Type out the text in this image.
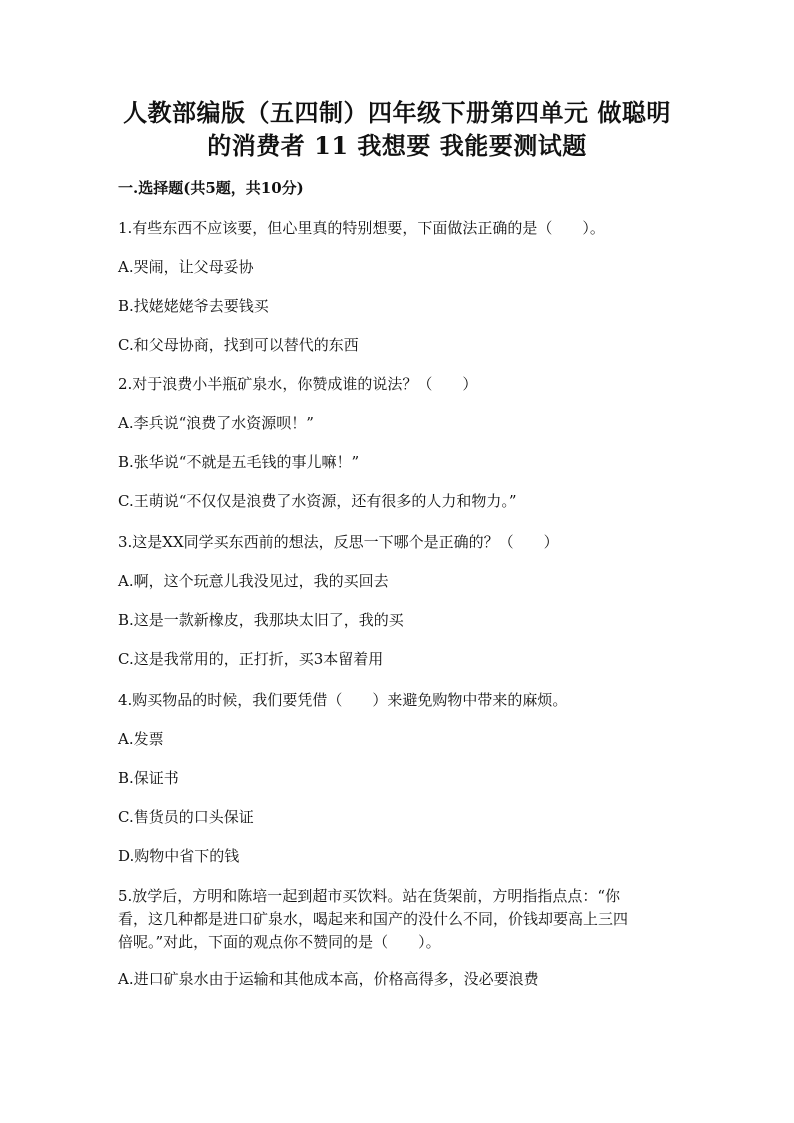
人教部编版（五四制）四年级下册第四单元 做聪明
的消费者 11 我想要 我能要测试题
一.选择题(共5题，共10分)
1.有些东西不应该要，但心里真的特别想要，下面做法正确的是（　　）。
A.哭闹，让父母妥协
B.找姥姥姥爷去要钱买
C.和父母协商，找到可以替代的东西
2.对于浪费小半瓶矿泉水，你赞成谁的说法？（　　）
A.李兵说“浪费了水资源呗！”
B.张华说“不就是五毛钱的事儿嘛！”
C.王萌说“不仅仅是浪费了水资源，还有很多的人力和物力。”
3.这是XX同学买东西前的想法，反思一下哪个是正确的？（　　）
A.啊，这个玩意儿我没见过，我的买回去
B.这是一款新橡皮，我那块太旧了，我的买
C.这是我常用的，正打折，买3本留着用
4.购买物品的时候，我们要凭借（　　）来避免购物中带来的麻烦。
A.发票
B.保证书
C.售货员的口头保证
D.购物中省下的钱
5.放学后，方明和陈培一起到超市买饮料。站在货架前，方明指指点点：“你
看，这几种都是进口矿泉水，喝起来和国产的没什么不同，价钱却要高上三四
倍呢。”对此，下面的观点你不赞同的是（　　）。
A.进口矿泉水由于运输和其他成本高，价格高得多，没必要浪费
